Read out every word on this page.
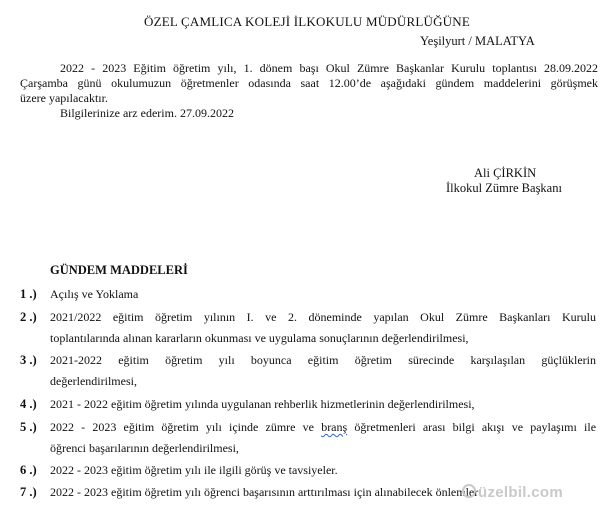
ÖZEL ÇAMLICA KOLEJİ İLKOKULU MÜDÜRLÜĞÜNE
Yeşilyurt / MALATYA
2022 - 2023 Eğitim öğretim yılı, 1. dönem başı Okul Zümre Başkanlar Kurulu toplantısı 28.09.2022
Çarşamba günü okulumuzun öğretmenler odasında saat 12.00’de aşağıdaki gündem maddelerini görüşmek
üzere yapılacaktır.
Bilgilerinize arz ederim. 27.09.2022
Ali ÇİRKİN
İlkokul Zümre Başkanı
GÜNDEM MADDELERİ
1 .) Açılış ve Yoklama
2 .) 2021/2022 eğitim öğretim yılının I. ve 2. döneminde yapılan Okul Zümre Başkanları Kurulu
toplantılarında alınan kararların okunması ve uygulama sonuçlarının değerlendirilmesi,
3 .) 2021-2022 eğitim öğretim yılı boyunca eğitim öğretim sürecinde karşılaşılan güçlüklerin
değerlendirilmesi,
4 .) 2021 - 2022 eğitim öğretim yılında uygulanan rehberlik hizmetlerinin değerlendirilmesi,
5 .) 2022 - 2023 eğitim öğretim yılı içinde zümre ve branş öğretmenleri arası bilgi akışı ve paylaşımı ile
öğrenci başarılarının değerlendirilmesi,
6 .) 2022 - 2023 eğitim öğretim yılı ile ilgili görüş ve tavsiyeler.
7 .) 2022 - 2023 eğitim öğretim yılı öğrenci başarısının arttırılması için alınabilecek önlemler üzelbil.com
